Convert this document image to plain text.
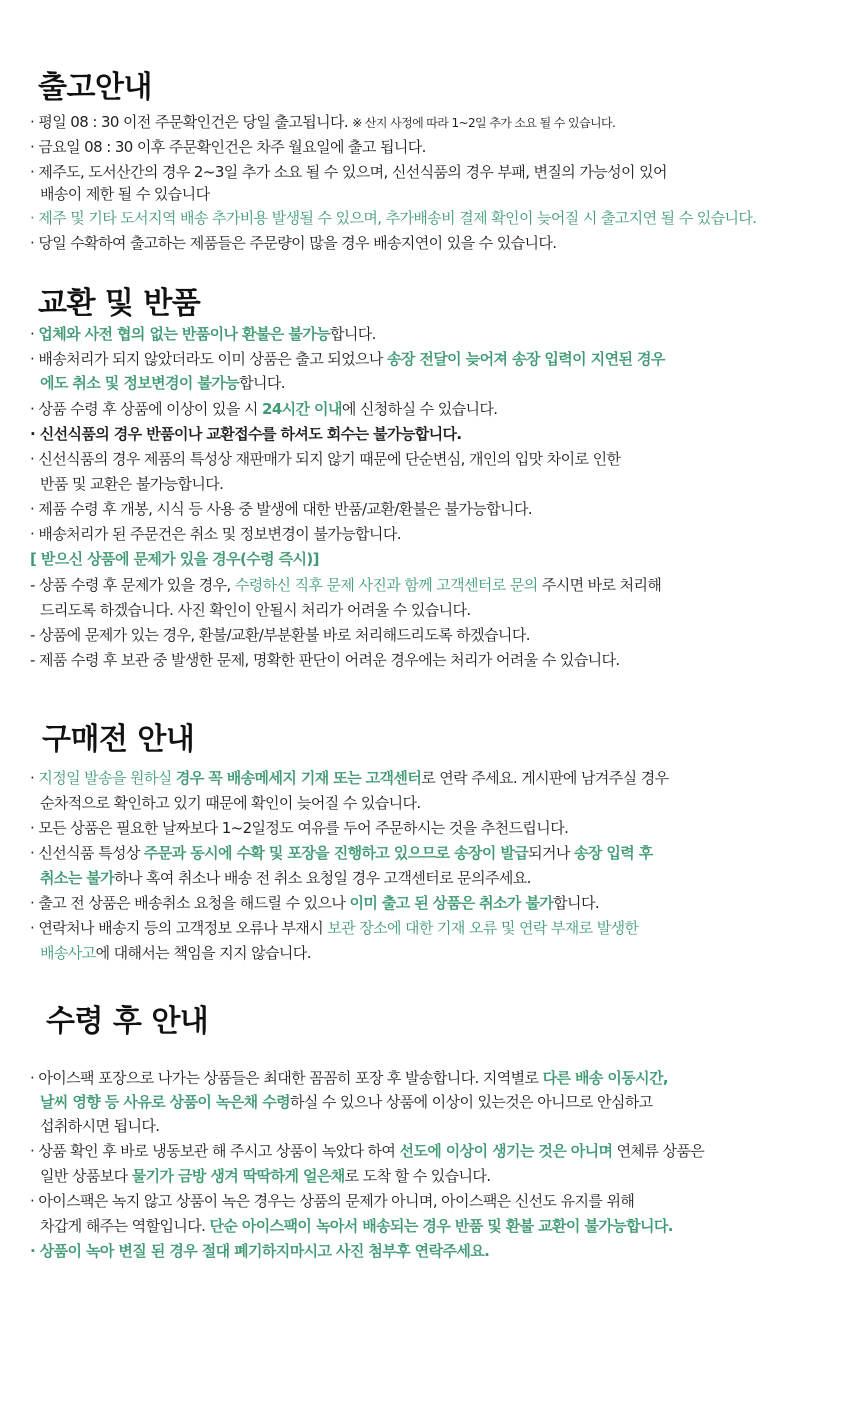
출고안내

· 평일 08 : 30 이전 주문확인건은 당일 출고됩니다. ※ 산지 사정에 따라 1~2일 추가 소요 될 수 있습니다.

· 금요일 08 : 30 이후 주문확인건은 차주 월요일에 출고 됩니다.

· 제주도, 도서산간의 경우 2~3일 추가 소요 될 수 있으며, 신선식품의 경우 부패, 변질의 가능성이 있어

배송이 제한 될 수 있습니다

· 제주 및 기타 도서지역 배송 추가비용 발생될 수 있으며, 추가배송비 결제 확인이 늦어질 시 출고지연 될 수 있습니다.

· 당일 수확하여 출고하는 제품들은 주문량이 많을 경우 배송지연이 있을 수 있습니다.

교환 및 반품

· 업체와 사전 협의 없는 반품이나 환불은 불가능합니다.

· 배송처리가 되지 않았더라도 이미 상품은 출고 되었으나 송장 전달이 늦어져 송장 입력이 지연된 경우

에도 취소 및 정보변경이 불가능합니다.

· 상품 수령 후 상품에 이상이 있을 시 24시간 이내에 신청하실 수 있습니다.

· 신선식품의 경우 반품이나 교환접수를 하셔도 회수는 불가능합니다.

· 신선식품의 경우 제품의 특성상 재판매가 되지 않기 때문에 단순변심, 개인의 입맛 차이로 인한

반품 및 교환은 불가능합니다.

· 제품 수령 후 개봉, 시식 등 사용 중 발생에 대한 반품/교환/환불은 불가능합니다.

· 배송처리가 된 주문건은 취소 및 정보변경이 불가능합니다.

[ 받으신 상품에 문제가 있을 경우(수령 즉시)]

- 상품 수령 후 문제가 있을 경우, 수령하신 직후 문제 사진과 함께 고객센터로 문의 주시면 바로 처리해

드리도록 하겠습니다. 사진 확인이 안될시 처리가 어려울 수 있습니다.

- 상품에 문제가 있는 경우, 환불/교환/부분환불 바로 처리해드리도록 하겠습니다.

- 제품 수령 후 보관 중 발생한 문제, 명확한 판단이 어려운 경우에는 처리가 어려울 수 있습니다.

구매전 안내

· 지정일 발송을 원하실 경우 꼭 배송메세지 기재 또는 고객센터로 연락 주세요. 게시판에 남겨주실 경우

순차적으로 확인하고 있기 때문에 확인이 늦어질 수 있습니다.

· 모든 상품은 필요한 날짜보다 1~2일정도 여유를 두어 주문하시는 것을 추천드립니다.

· 신선식품 특성상 주문과 동시에 수확 및 포장을 진행하고 있으므로 송장이 발급되거나 송장 입력 후

취소는 불가하나 혹여 취소나 배송 전 취소 요청일 경우 고객센터로 문의주세요.

· 출고 전 상품은 배송취소 요청을 해드릴 수 있으나 이미 출고 된 상품은 취소가 불가합니다.

· 연락처나 배송지 등의 고객정보 오류나 부재시 보관 장소에 대한 기재 오류 및 연락 부재로 발생한

배송사고에 대해서는 책임을 지지 않습니다.

수령 후 안내

· 아이스팩 포장으로 나가는 상품들은 최대한 꼼꼼히 포장 후 발송합니다. 지역별로 다른 배송 이동시간,

날씨 영향 등 사유로 상품이 녹은채 수령하실 수 있으나 상품에 이상이 있는것은 아니므로 안심하고

섭취하시면 됩니다.

· 상품 확인 후 바로 냉동보관 해 주시고 상품이 녹았다 하여 선도에 이상이 생기는 것은 아니며 연체류 상품은

일반 상품보다 물기가 금방 생겨 딱딱하게 얼은채로 도착 할 수 있습니다.

· 아이스팩은 녹지 않고 상품이 녹은 경우는 상품의 문제가 아니며, 아이스팩은 신선도 유지를 위해

차갑게 해주는 역할입니다. 단순 아이스팩이 녹아서 배송되는 경우 반품 및 환불 교환이 불가능합니다.

· 상품이 녹아 변질 된 경우 절대 폐기하지마시고 사진 첨부후 연락주세요.
